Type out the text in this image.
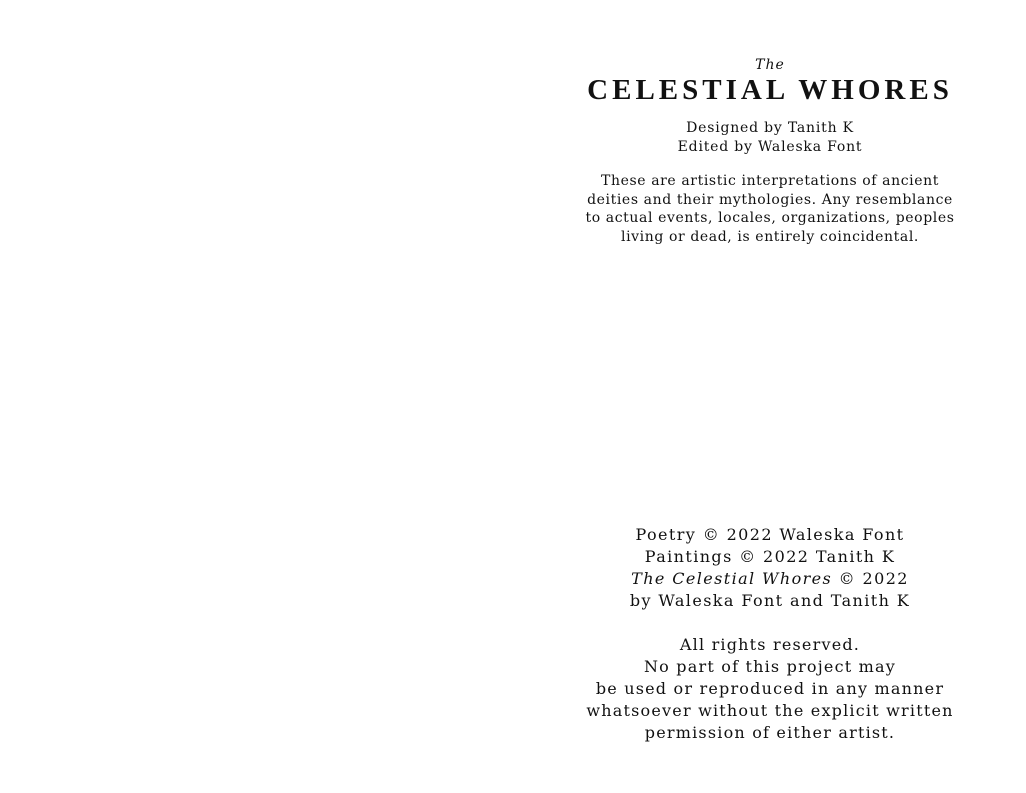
The
CELESTIAL WHORES
Designed by Tanith K
Edited by Waleska Font
These are artistic interpretations of ancient
deities and their mythologies. Any resemblance
to actual events, locales, organizations, peoples
living or dead, is entirely coincidental.
Poetry © 2022 Waleska Font
Paintings © 2022 Tanith K
The Celestial Whores © 2022
by Waleska Font and Tanith K
All rights reserved.
No part of this project may
be used or reproduced in any manner
whatsoever without the explicit written
permission of either artist.
